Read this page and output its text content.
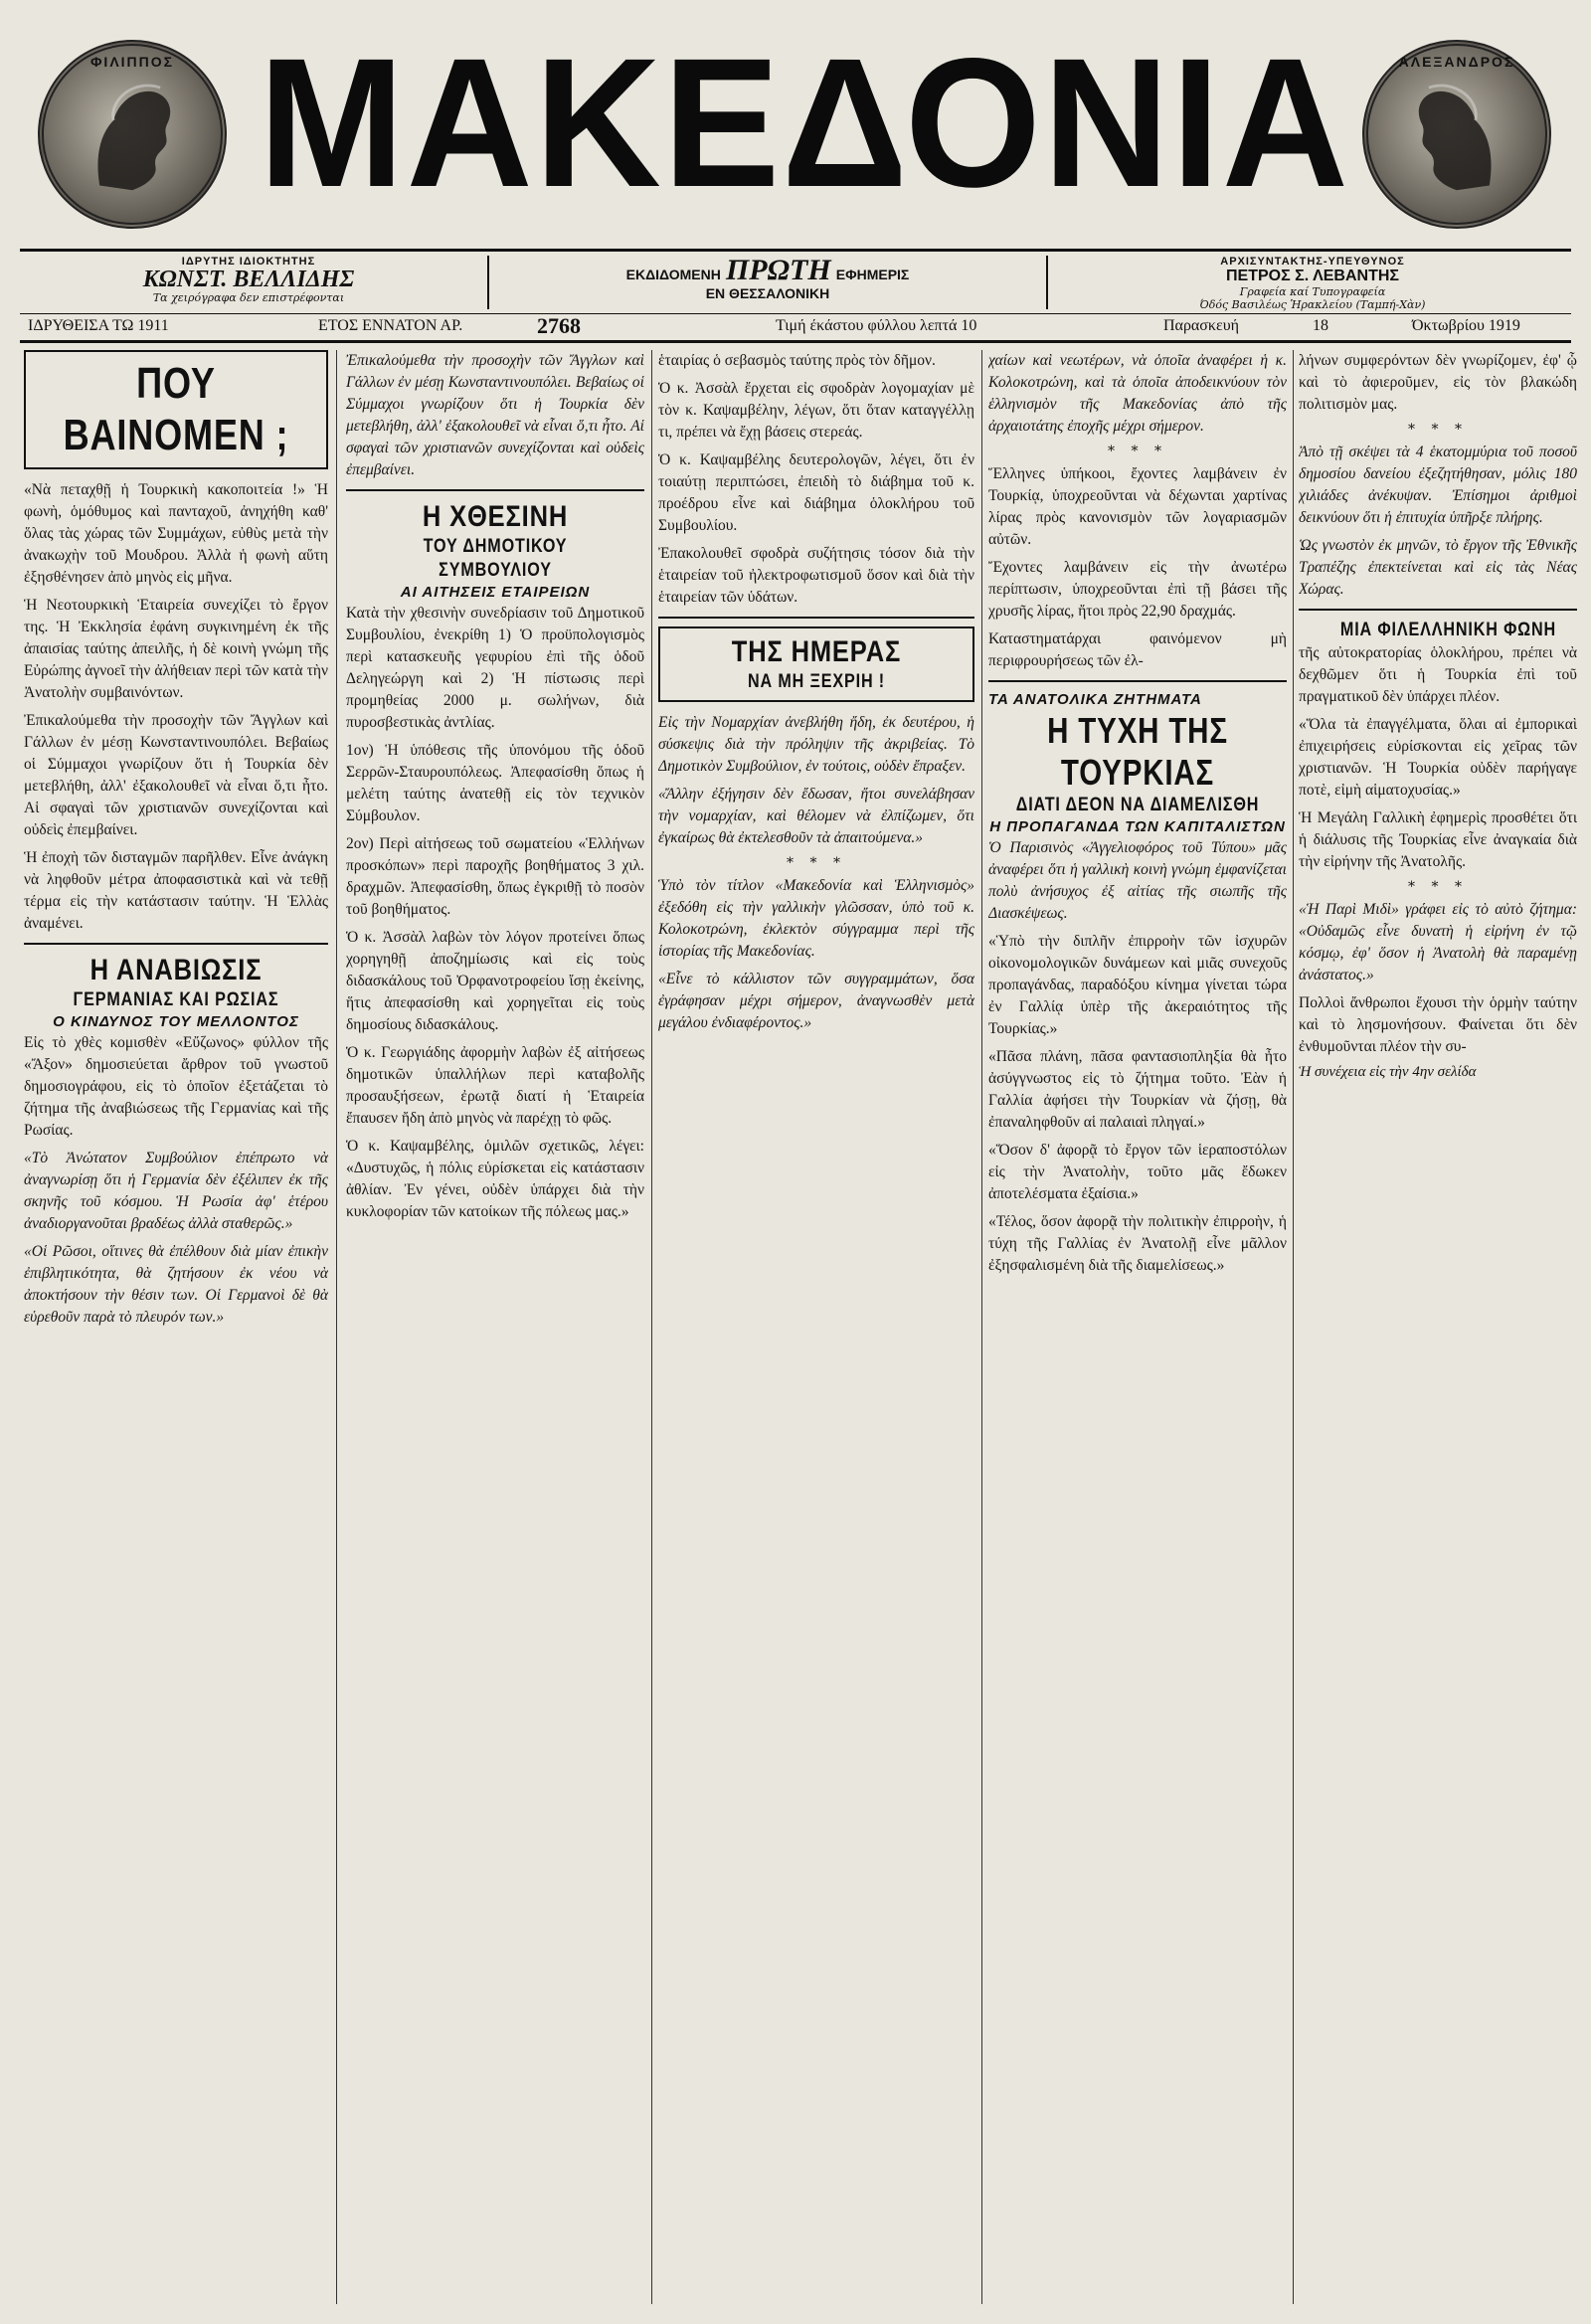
ΦΙΛΙΠΠΟΣ ΜΑΚΕΔΟΝΙΑ	ΑΛΕΞΑΝΔΡΟΣ
ΙΔΡΥΤΗΣ ΙΔΙΟΚΤΗΤΗΣ
ΚΩΝΣΤ. ΒΕΛΛΙΔΗΣ
Τα χειρόγραφα δεν επιστρέφονται
ΕΚΔΙΔΟΜΕΝΗ ΠΡΩΤΗ ΕΦΗΜΕΡΙΣ
ΕΝ ΘΕΣΣΑΛΟΝΙΚΗ
ΑΡΧΙΣΥΝΤΑΚΤΗΣ-ΥΠΕΥΘΥΝΟΣ
ΠΕΤΡΟΣ Σ. ΛΕΒΑΝΤΗΣ
Γραφεία καί Τυπογραφεία
Όδός Βασιλέως Ἡρακλείου (Ταμπή-Χὰν)
ΙΔΡΥΘΕΙΣΑ ΤΩ 1911	ΕΤΟΣ ΕΝΝΑΤΟΝ ΑΡ.	2768	Τιμή έκάστου φύλλου λεπτά 10	Παρασκευή	18	Όκτωβρίου 1919
ΠΟΥ ΒΑΙΝΟΜΕΝ ;

«Νὰ πεταχθῇ ἡ Τουρκικὴ κακοποιτεία !» Ἡ φωνὴ, ὁμόθυμος καὶ πανταχοῦ, ἀνηχήθη καθ' ὅλας τὰς χώρας τῶν Συμμάχων, εὐθὺς μετὰ τὴν ἀνακωχὴν τοῦ Μουδρου. Ἀλλὰ ἡ φωνὴ αὕτη ἐξησθένησεν ἀπὸ μηνὸς εἰς μῆνα.

Ἡ Νεοτουρκικὴ Ἑταιρεία συνεχίζει τὸ ἔργον της. Ἡ Ἐκκλησία ἐφάνη συγκινημένη ἐκ τῆς ἀπαισίας ταύτης ἀπειλῆς, ἡ δὲ κοινὴ γνώμη τῆς Εὐρώπης ἀγνοεῖ τὴν ἀλήθειαν περὶ τῶν κατὰ τὴν Ἀνατολὴν συμβαινόντων.

Ἐπικαλούμεθα τὴν προσοχὴν τῶν Ἄγγλων καὶ Γάλλων ἐν μέσῃ Κωνσταντινουπόλει. Βεβαίως οἱ Σύμμαχοι γνωρίζουν ὅτι ἡ Τουρκία δὲν μετεβλήθη, ἀλλ' ἐξακολουθεῖ νὰ εἶναι ὅ,τι ἦτο. Αἱ σφαγαὶ τῶν χριστιανῶν συνεχίζονται καὶ οὐδεὶς ἐπεμβαίνει.

Ἡ ἐποχὴ τῶν δισταγμῶν παρῆλθεν. Εἶνε ἀνάγκη νὰ ληφθοῦν μέτρα ἀποφασιστικὰ καὶ νὰ τεθῇ τέρμα εἰς τὴν κατάστασιν ταύτην. Ἡ Ἑλλὰς ἀναμένει.

Η ΑΝΑΒΙΩΣΙΣ
ΓΕΡΜΑΝΙΑΣ ΚΑΙ ΡΩΣΙΑΣ
Ο ΚΙΝΔΥΝΟΣ ΤΟΥ ΜΕΛΛΟΝΤΟΣ

Εἰς τὸ χθὲς κομισθὲν «Εὔζωνος» φύλλον τῆς «Ἄξον» δημοσιεύεται ἄρθρον τοῦ γνωστοῦ δημοσιογράφου, εἰς τὸ ὁποῖον ἐξετάζεται τὸ ζήτημα τῆς ἀναβιώσεως τῆς Γερμανίας καὶ τῆς Ρωσίας.

«Τὸ Ἀνώτατον Συμβούλιον ἐπέπρωτο νὰ ἀναγνωρίσῃ ὅτι ἡ Γερμανία δὲν ἐξέλιπεν ἐκ τῆς σκηνῆς τοῦ κόσμου. Ἡ Ρωσία ἀφ' ἑτέρου ἀναδιοργανοῦται βραδέως ἀλλὰ σταθερῶς.»

«Οἱ Ρῶσοι, οἵτινες θὰ ἐπέλθουν διὰ μίαν ἐπικὴν ἐπιβλητικότητα, θὰ ζητήσουν ἐκ νέου νὰ ἀποκτήσουν τὴν θέσιν των. Οἱ Γερμανοὶ δὲ θὰ εὑρεθοῦν παρὰ τὸ πλευρόν των.»

Ἐπικαλούμεθα τὴν προσοχὴν τῶν Ἄγγλων καὶ Γάλλων ἐν μέσῃ Κωνσταντινουπόλει. Βεβαίως οἱ Σύμμαχοι γνωρίζουν ὅτι ἡ Τουρκία δὲν μετεβλήθη, ἀλλ' ἐξακολουθεῖ νὰ εἶναι ὅ,τι ἦτο. Αἱ σφαγαὶ τῶν χριστιανῶν συνεχίζονται καὶ οὐδεὶς ἐπεμβαίνει.

Η ΧΘΕΣΙΝΗ
ΤΟΥ ΔΗΜΟΤΙΚΟΥ ΣΥΜΒΟΥΛΙΟΥ
ΑΙ ΑΙΤΗΣΕΙΣ ΕΤΑΙΡΕΙΩΝ

Κατὰ τὴν χθεσινὴν συνεδρίασιν τοῦ Δημοτικοῦ Συμβουλίου, ἐνεκρίθη 1) Ὁ προϋπολογισμὸς περὶ κατασκευῆς γεφυρίου ἐπὶ τῆς ὁδοῦ Δεληγεώργη καὶ 2) Ἡ πίστωσις περὶ προμηθείας 2000 μ. σωλήνων, διὰ πυροσβεστικὰς ἀντλίας.

1ον) Ἡ ὑπόθεσις τῆς ὑπονόμου τῆς ὁδοῦ Σερρῶν-Σταυρουπόλεως. Ἀπεφασίσθη ὅπως ἡ μελέτη ταύτης ἀνατεθῇ εἰς τὸν τεχνικὸν Σύμβουλον.

2ον) Περὶ αἰτήσεως τοῦ σωματείου «Ἑλλήνων προσκόπων» περὶ παροχῆς βοηθήματος 3 χιλ. δραχμῶν. Ἀπεφασίσθη, ὅπως ἐγκριθῇ τὸ ποσὸν τοῦ βοηθήματος.

Ὁ κ. Ἀσσὰλ λαβὼν τὸν λόγον προτείνει ὅπως χορηγηθῇ ἀποζημίωσις καὶ εἰς τοὺς διδασκάλους τοῦ Ὀρφανοτροφείου ἴσῃ ἐκείνης, ἥτις ἀπεφασίσθη καὶ χορηγεῖται εἰς τοὺς δημοσίους διδασκάλους.

Ὁ κ. Γεωργιάδης ἀφορμὴν λαβὼν ἐξ αἰτήσεως δημοτικῶν ὑπαλλήλων περὶ καταβολῆς προσαυξήσεων, ἐρωτᾷ διατί ἡ Ἑταιρεία ἔπαυσεν ἤδη ἀπὸ μηνὸς νὰ παρέχῃ τὸ φῶς.

Ὁ κ. Καψαμβέλης, ὁμιλῶν σχετικῶς, λέγει: «Δυστυχῶς, ἡ πόλις εὑρίσκεται εἰς κατάστασιν ἀθλίαν. Ἐν γένει, οὐδὲν ὑπάρχει διὰ τὴν κυκλοφορίαν τῶν κατοίκων τῆς πόλεως μας.»

ἑταιρίας ὁ σεβασμὸς ταύτης πρὸς τὸν δῆμον.

Ὁ κ. Ἀσσὰλ ἔρχεται εἰς σφοδρὰν λογομαχίαν μὲ τὸν κ. Καψαμβέλην, λέγων, ὅτι ὅταν καταγγέλλῃ τι, πρέπει νὰ ἔχῃ βάσεις στερεάς.

Ὁ κ. Καψαμβέλης δευτερολογῶν, λέγει, ὅτι ἐν τοιαύτῃ περιπτώσει, ἐπειδὴ τὸ διάβημα τοῦ κ. προέδρου εἶνε καὶ διάβημα ὁλοκλήρου τοῦ Συμβουλίου.

Ἐπακολουθεῖ σφοδρὰ συζήτησις τόσον διὰ τὴν ἑταιρείαν τοῦ ἠλεκτροφωτισμοῦ ὅσον καὶ διὰ τὴν ἑταιρείαν τῶν ὑδάτων.

ΤΗΣ ΗΜΕΡΑΣ
ΝΑ ΜΗ ΞΕΧΡΙΗ !

Εἰς τὴν Νομαρχίαν ἀνεβλήθη ἤδη, ἐκ δευτέρου, ἡ σύσκεψις διὰ τὴν πρόληψιν τῆς ἀκριβείας. Τὸ Δημοτικὸν Συμβούλιον, ἐν τούτοις, οὐδὲν ἔπραξεν.

«Ἄλλην ἐξήγησιν δὲν ἔδωσαν, ἤτοι συνελάβησαν τὴν νομαρχίαν, καὶ θέλομεν νὰ ἐλπίζωμεν, ὅτι ἐγκαίρως θὰ ἐκτελεσθοῦν τὰ ἀπαιτούμενα.»

* * *

Ὑπὸ τὸν τίτλον «Μακεδονία καὶ Ἑλληνισμὸς» ἐξεδόθη εἰς τὴν γαλλικὴν γλῶσσαν, ὑπὸ τοῦ κ. Κολοκοτρώνη, ἐκλεκτὸν σύγγραμμα περὶ τῆς ἱστορίας τῆς Μακεδονίας.

«Εἶνε τὸ κάλλιστον τῶν συγγραμμάτων, ὅσα ἐγράφησαν μέχρι σήμερον, ἀναγνωσθὲν μετὰ μεγάλου ἐνδιαφέροντος.»

χαίων καὶ νεωτέρων, νὰ ὁποῖα ἀναφέρει ἡ κ. Κολοκοτρώνη, καὶ τὰ ὁποῖα ἀποδεικνύουν τὸν ἑλληνισμὸν τῆς Μακεδονίας ἀπὸ τῆς ἀρχαιοτάτης ἐποχῆς μέχρι σήμερον.

* * *

Ἕλληνες ὑπήκοοι, ἔχοντες λαμβάνειν ἐν Τουρκίᾳ, ὑποχρεοῦνται νὰ δέχωνται χαρτίνας λίρας πρὸς κανονισμὸν τῶν λογαριασμῶν αὐτῶν.

Ἔχοντες λαμβάνειν εἰς τὴν ἀνωτέρω περίπτωσιν, ὑποχρεοῦνται ἐπὶ τῇ βάσει τῆς χρυσῆς λίρας, ἤτοι πρὸς 22,90 δραχμάς.

Καταστηματάρχαι φαινόμενον μὴ περιφρουρήσεως τῶν ἐλ-

ΤΑ ΑΝΑΤΟΛΙΚΑ ΖΗΤΗΜΑΤΑ
Η ΤΥΧΗ ΤΗΣ ΤΟΥΡΚΙΑΣ
ΔΙΑΤΙ ΔΕΟΝ ΝΑ ΔΙΑΜΕΛΙΣΘΗ
Η ΠΡΟΠΑΓΑΝΔΑ ΤΩΝ ΚΑΠΙΤΑΛΙΣΤΩΝ

Ὁ Παρισινὸς «Ἀγγελιοφόρος τοῦ Τύπου» μᾶς ἀναφέρει ὅτι ἡ γαλλικὴ κοινὴ γνώμη ἐμφανίζεται πολὺ ἀνήσυχος ἐξ αἰτίας τῆς σιωπῆς τῆς Διασκέψεως.

«Ὑπὸ τὴν διπλῆν ἐπιρροὴν τῶν ἰσχυρῶν οἰκονομολογικῶν δυνάμεων καὶ μιᾶς συνεχοῦς προπαγάνδας, παραδόξου κίνημα γίνεται τώρα ἐν Γαλλίᾳ ὑπὲρ τῆς ἀκεραιότητος τῆς Τουρκίας.»

«Πᾶσα πλάνη, πᾶσα φαντασιοπληξία θὰ ἦτο ἀσύγγνωστος εἰς τὸ ζήτημα τοῦτο. Ἐὰν ἡ Γαλλία ἀφήσει τὴν Τουρκίαν νὰ ζήσῃ, θὰ ἐπαναληφθοῦν αἱ παλαιαὶ πληγαί.»

«Ὅσον δ' ἀφορᾷ τὸ ἔργον τῶν ἱεραποστόλων εἰς τὴν Ἀνατολὴν, τοῦτο μᾶς ἔδωκεν ἀποτελέσματα ἐξαίσια.»

«Τέλος, ὅσον ἀφορᾷ τὴν πολιτικὴν ἐπιρροὴν, ἡ τύχη τῆς Γαλλίας ἐν Ἀνατολῇ εἶνε μᾶλλον ἐξησφαλισμένη διὰ τῆς διαμελίσεως.»

λήνων συμφερόντων δὲν γνωρίζομεν, ἐφ' ᾧ καὶ τὸ ἀφιεροῦμεν, εἰς τὸν βλακώδη πολιτισμὸν μας.

* * *

Ἀπὸ τῇ σκέψει τὰ 4 ἑκατομμύρια τοῦ ποσοῦ δημοσίου δανείου ἐξεζητήθησαν, μόλις 180 χιλιάδες ἀνέκυψαν. Ἐπίσημοι ἀριθμοὶ δεικνύουν ὅτι ἡ ἐπιτυχία ὑπῆρξε πλήρης.

Ὡς γνωστὸν ἐκ μηνῶν, τὸ ἔργον τῆς Ἐθνικῆς Τραπέζης ἐπεκτείνεται καὶ εἰς τὰς Νέας Χώρας.

ΜΙΑ ΦΙΛΕΛΛΗΝΙΚΗ ΦΩΝΗ

τῆς αὐτοκρατορίας ὁλοκλήρου, πρέπει νὰ δεχθῶμεν ὅτι ἡ Τουρκία ἐπὶ τοῦ πραγματικοῦ δὲν ὑπάρχει πλέον.

«Ὅλα τὰ ἐπαγγέλματα, ὅλαι αἱ ἐμπορικαὶ ἐπιχειρήσεις εὑρίσκονται εἰς χεῖρας τῶν χριστιανῶν. Ἡ Τουρκία οὐδὲν παρήγαγε ποτὲ, εἰμὴ αἱματοχυσίας.»

Ἡ Μεγάλη Γαλλικὴ ἐφημερὶς προσθέτει ὅτι ἡ διάλυσις τῆς Τουρκίας εἶνε ἀναγκαία διὰ τὴν εἰρήνην τῆς Ἀνατολῆς.

* * *

«Ἡ Παρὶ Μιδὶ» γράφει εἰς τὸ αὐτὸ ζήτημα: «Οὐδαμῶς εἶνε δυνατὴ ἡ εἰρήνη ἐν τῷ κόσμῳ, ἐφ' ὅσον ἡ Ἀνατολὴ θὰ παραμένῃ ἀνάστατος.»

Πολλοὶ ἄνθρωποι ἔχουσι τὴν ὁρμὴν ταύτην καὶ τὸ λησμονήσουν. Φαίνεται ὅτι δὲν ἐνθυμοῦνται πλέον τὴν συ-

Ἡ συνέχεια εἰς τὴν 4ην σελίδα
